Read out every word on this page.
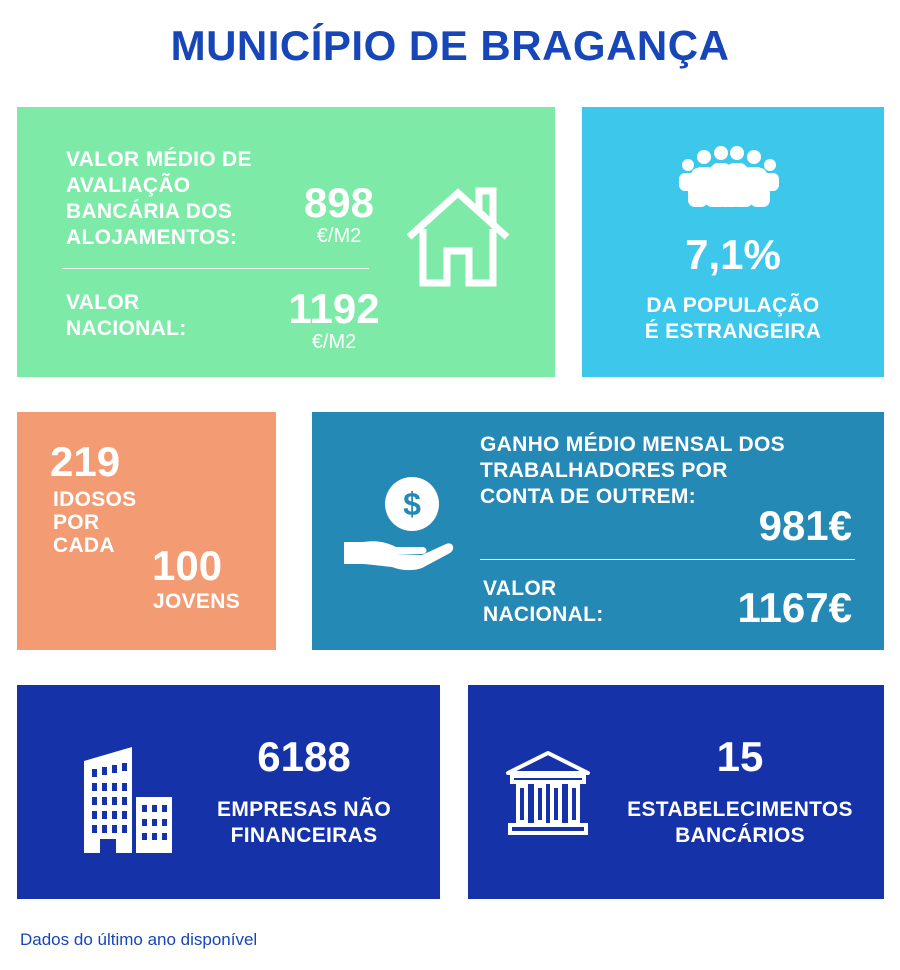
MUNICÍPIO DE BRAGANÇA
VALOR MÉDIO DE
AVALIAÇÃO
BANCÁRIA DOS
ALOJAMENTOS:
898
€/M2
VALOR
NACIONAL:	1192
€/M2
7,1%
DA POPULAÇÃO
É ESTRANGEIRA
219
IDOSOS
POR
CADA 100
JOVENS
$
GANHO MÉDIO MENSAL DOS
TRABALHADORES POR
CONTA DE OUTREM:
981€
VALOR
NACIONAL:	1167€
6188
EMPRESAS NÃO
FINANCEIRAS
15
ESTABELECIMENTOS
BANCÁRIOS
Dados do último ano disponível
